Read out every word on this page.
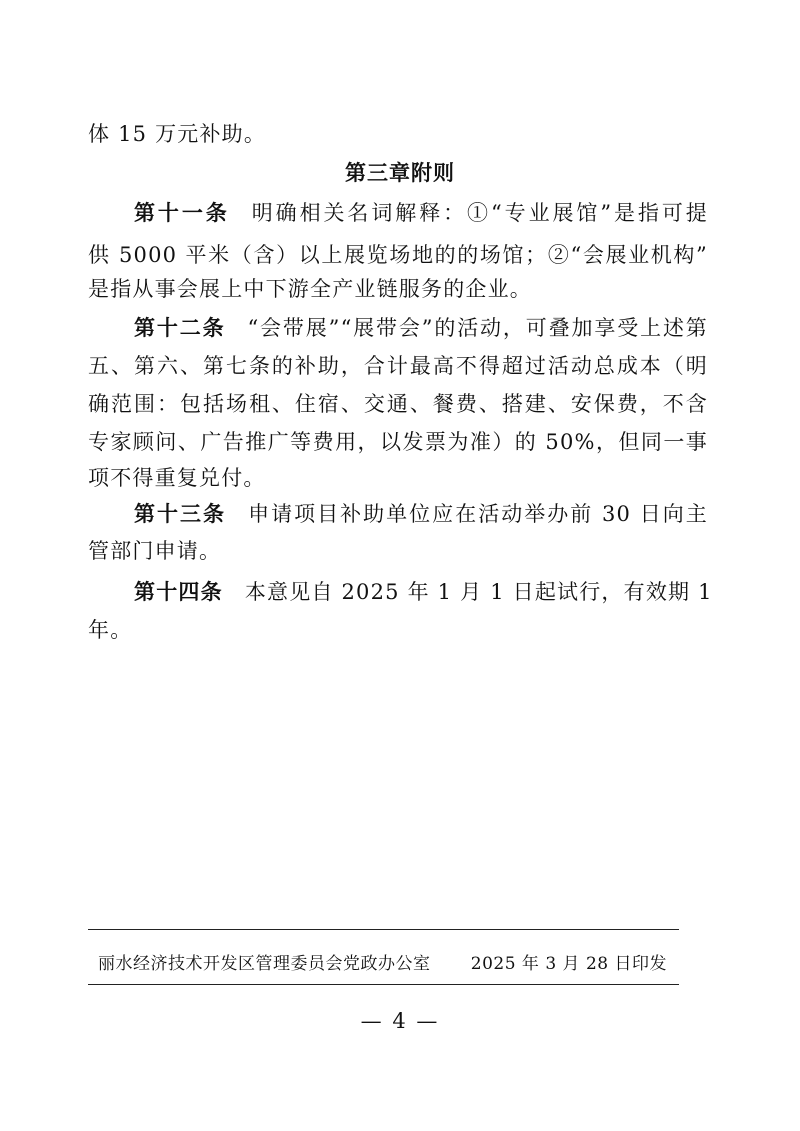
体 15 万元补助。
第三章附则
第十一条 明确相关名词解释：①“专业展馆”是指可提
供 5000 平米（含）以上展览场地的的场馆；②“会展业机构”
是指从事会展上中下游全产业链服务的企业。
第十二条 “会带展”“展带会”的活动，可叠加享受上述第
五、第六、第七条的补助，合计最高不得超过活动总成本（明
确范围：包括场租、住宿、交通、餐费、搭建、安保费，不含
专家顾问、广告推广等费用，以发票为准）的 50%，但同一事
项不得重复兑付。
第十三条 申请项目补助单位应在活动举办前 30 日向主
管部门申请。
第十四条 本意见自 2025 年 1 月 1 日起试行，有效期 1
年。
丽水经济技术开发区管理委员会党政办公室 2025 年 3 月 28 日印发
— 4 —
